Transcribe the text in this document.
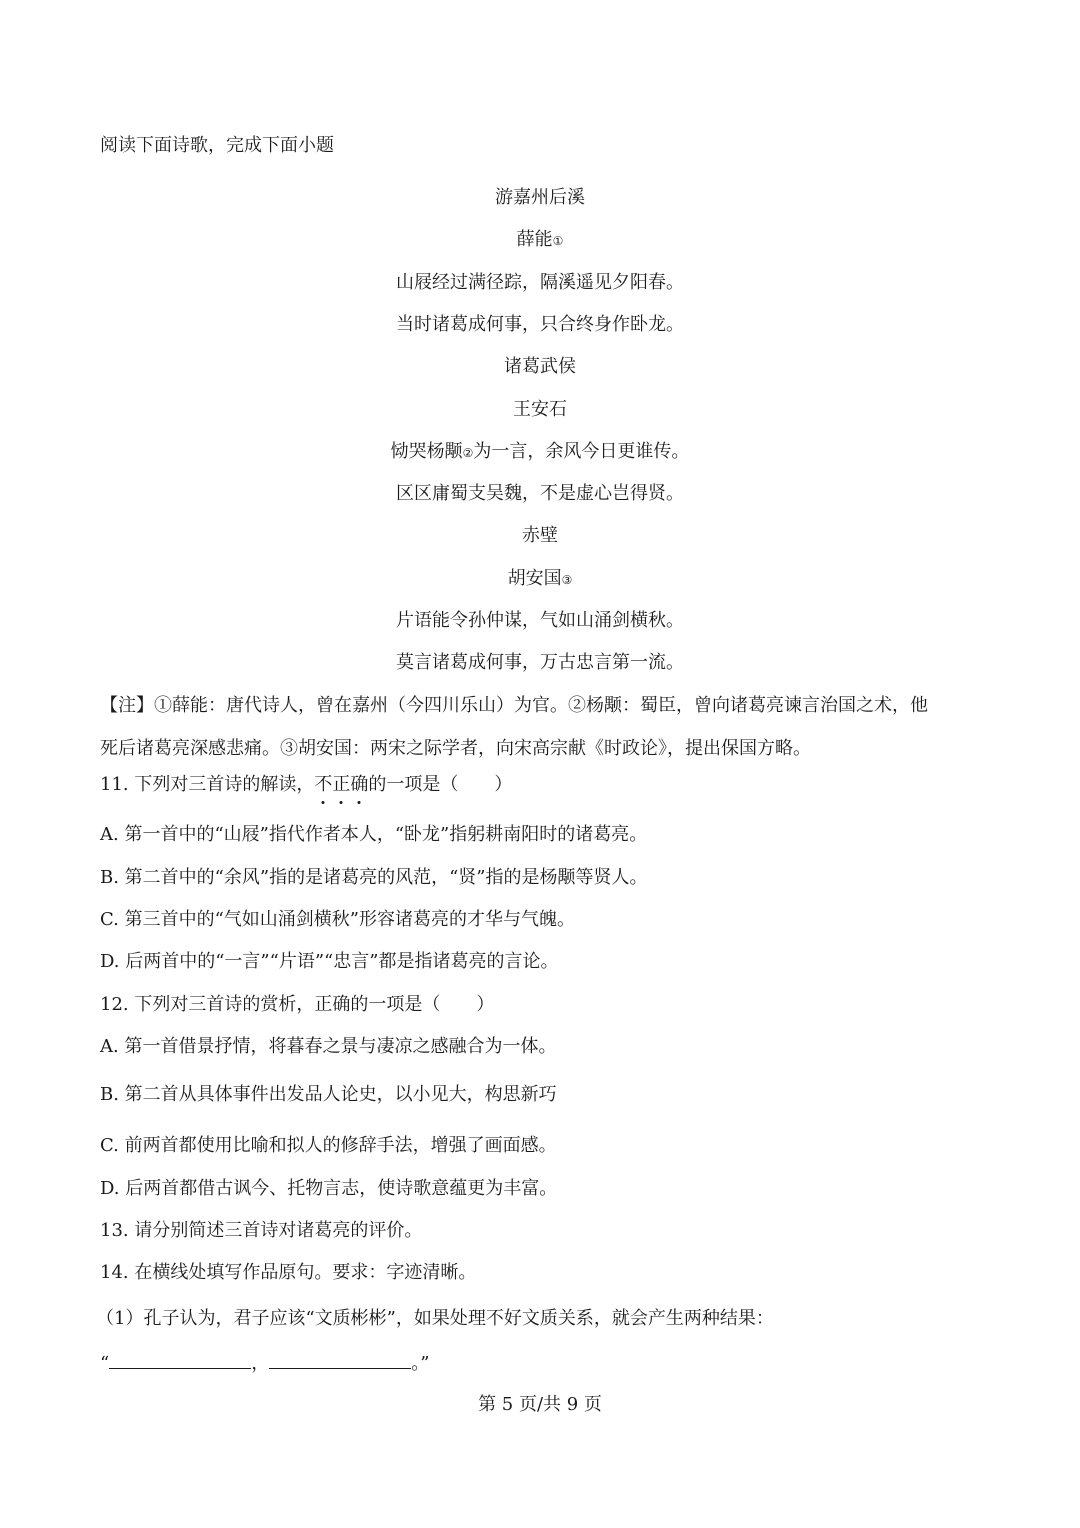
阅读下面诗歌，完成下面小题
游嘉州后溪
薛能①
山屐经过满径踪，隔溪遥见夕阳春。
当时诸葛成何事，只合终身作卧龙。
诸葛武侯
王安石
恸哭杨颙②为一言，余风今日更谁传。
区区庸蜀支吴魏，不是虚心岂得贤。
赤壁
胡安国③
片语能令孙仲谋，气如山涌剑横秋。
莫言诸葛成何事，万古忠言第一流。
【注】①薛能：唐代诗人，曾在嘉州（今四川乐山）为官。②杨颙：蜀臣，曾向诸葛亮谏言治国之术，他
死后诸葛亮深感悲痛。③胡安国：两宋之际学者，向宋高宗献《时政论》，提出保国方略。
11. 下列对三首诗的解读，不正确的一项是（　　）
A. 第一首中的“山屐”指代作者本人，“卧龙”指躬耕南阳时的诸葛亮。
B. 第二首中的“余风”指的是诸葛亮的风范，“贤”指的是杨颙等贤人。
C. 第三首中的“气如山涌剑横秋”形容诸葛亮的才华与气魄。
D. 后两首中的“一言”“片语”“忠言”都是指诸葛亮的言论。
12. 下列对三首诗的赏析，正确的一项是（　　）
A. 第一首借景抒情，将暮春之景与凄凉之感融合为一体。
B. 第二首从具体事件出发品人论史，以小见大，构思新巧
C. 前两首都使用比喻和拟人的修辞手法，增强了画面感。
D. 后两首都借古讽今、托物言志，使诗歌意蕴更为丰富。
13. 请分别简述三首诗对诸葛亮的评价。
14. 在横线处填写作品原句。要求：字迹清晰。
（1）孔子认为，君子应该“文质彬彬”，如果处理不好文质关系，就会产生两种结果：
“	，	。”
第 5 页/共 9 页
